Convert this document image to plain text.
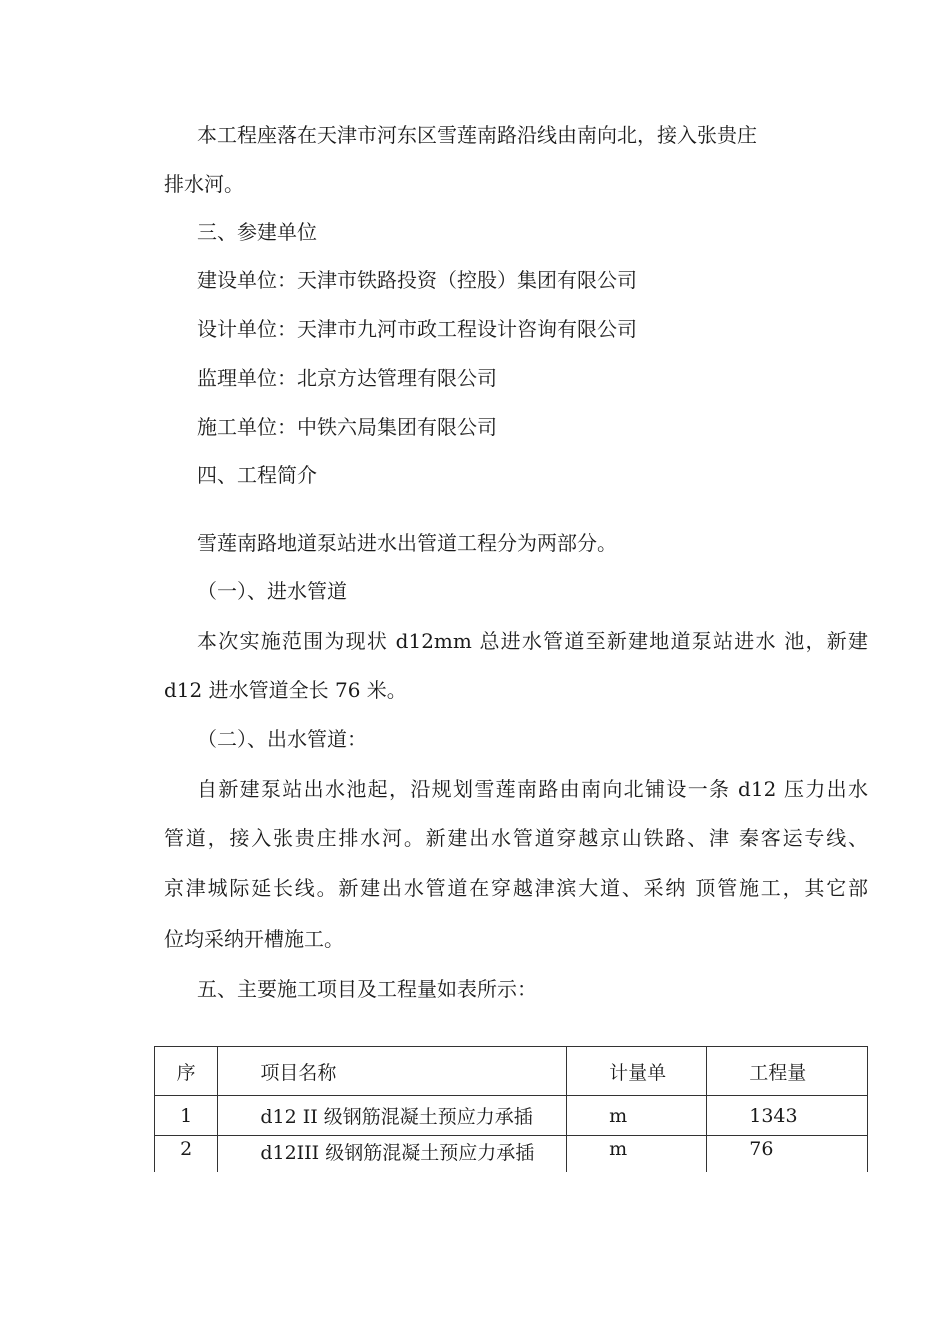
本工程座落在天津市河东区雪莲南路沿线由南向北，接入张贵庄
排水河。
三、参建单位
建设单位：天津市铁路投资（控股）集团有限公司
设计单位：天津市九河市政工程设计咨询有限公司
监理单位：北京方达管理有限公司
施工单位：中铁六局集团有限公司
四、工程简介
雪莲南路地道泵站进水出管道工程分为两部分。
（一）、进水管道
本次实施范围为现状 d12mm 总进水管道至新建地道泵站进水 池，新建
d12 进水管道全长 76 米。
（二）、出水管道：
自新建泵站出水池起，沿规划雪莲南路由南向北铺设一条 d12 压力出水
管道，接入张贵庄排水河。新建出水管道穿越京山铁路、津 秦客运专线、
京津城际延长线。新建出水管道在穿越津滨大道、采纳 顶管施工，其它部
位均采纳开槽施工。
五、主要施工项目及工程量如表所示：
序	项目名称	计量单	工程量
1	d12 II 级钢筋混凝土预应力承插	m	1343
2	d12III 级钢筋混凝土预应力承插	m	76
